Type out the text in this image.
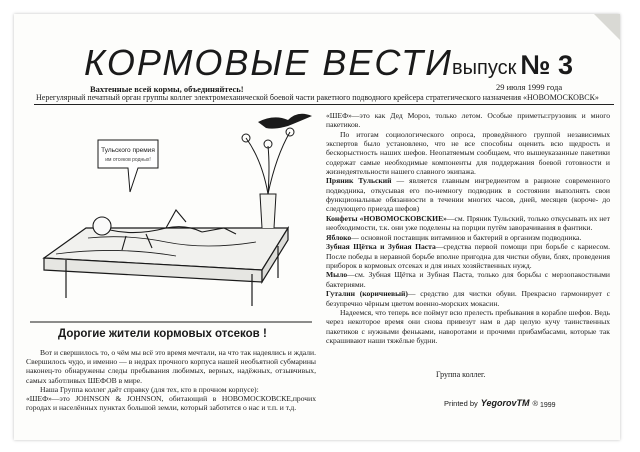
КОРМОВЫЕ ВЕСТИ выпуск № 3
Вахтенные всей кормы, объединяйтесь!	29 июля 1999 года
Нерегулярный печатный орган группы коллег электромеханической боевой части ракетного подводного крейсера стратегического назначения «НОВОМОСКОВСК»
Тульского премия
им отсеков родных!
Дорогие жители кормовых отсеков !

Вот и свершилось то, о чём мы всё это время мечтали, на что так надеялись и ждали. Свершилось чудо, и именно — в недрах прочного корпуса нашей необъятной субмарины наконец-то обнаружены следы пребывания любимых, верных, надёжных, отзывчивых, самых заботливых ШЕФОВ в мире.

Наша Группа коллег даёт справку (для тех, кто в прочном корпусе):

«ШЕФ»—это JOHNSON & JOHNSON, обитающий в НОВОМОСКОВСКЕ,прочих городах и населённых пунктах большой земли, который заботится о нас и т.п. и т.д.

«ШЕФ»—это как Дед Мороз, только летом. Особые приметы:грузовик и много пакетиков.

По итогам социологического опроса, проведённого группой независимых экспертов было установлено, что не все способны оценить всю щедрость и бескорыстность наших шефов. Неопатяемым сообщаем, что вышеуказанные пакетики содержат самые необходимые компоненты для поддержания боевой готовности и жизнедеятельности нашего славного экипажа.

Пряник Тульский — является главным ингредиентом в рационе современного подводника, откусывая его по-немногу подводник в состоянии выполнять свои функциональные обязанности в течении многих часов, дней, месяцев (короче- до следующего приезда шефов)

Конфеты «НОВОМОСКОВСКИЕ»—см. Пряник Тульский, только откусывать их нет необходимости, т.к. они уже поделены на порции путём заворачивания в фантики.

Яблоко— основной поставщик витаминов и бактерий в организм подводника.

Зубная Щётка и Зубная Паста—средства первой помощи при борьбе с кариесом. После победы в неравной борьбе вполне пригодна для чистки обуви, блях, проведения приборок в кормовых отсеках и для иных хозяйственных нужд.

Мыло—см. Зубная Щётка и Зубная Паста, только для борьбы с мерзопакостными бактериями.

Гуталин (коричневый)— средство для чистки обуви. Прекрасно гармонирует с безупречно чёрным цветом военно-морских мокасин.

Надеемся, что теперь все поймут всю прелесть пребывания в корабле шефов. Ведь через некоторое время они снова привезут нам в дар целую кучу таинственных пакетиков с нужными феньками, наворотами и прочими прибамбасами, которые так скрашивают наши тяжёлые будни.

Группа коллег.
Printed by YegorovTM ® 1999
